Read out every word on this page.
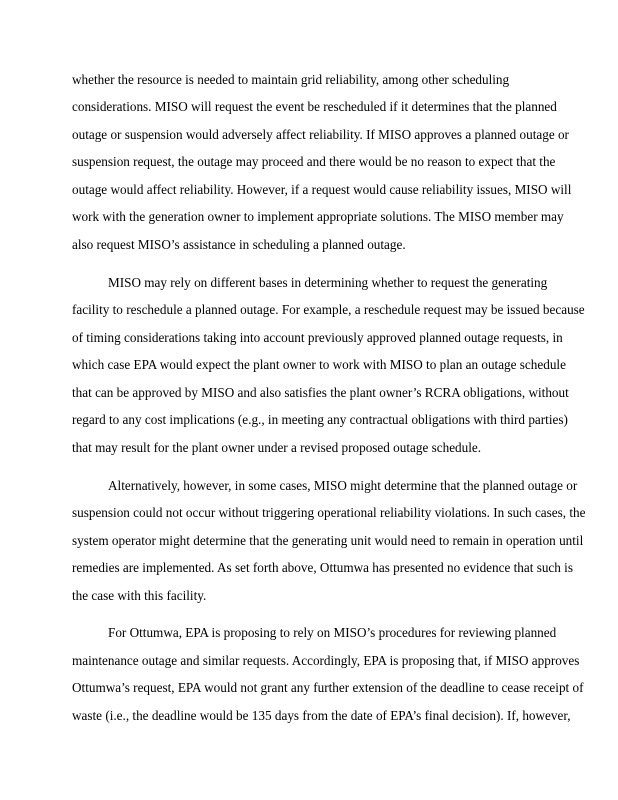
whether the resource is needed to maintain grid reliability, among other scheduling

considerations. MISO will request the event be rescheduled if it determines that the planned

outage or suspension would adversely affect reliability. If MISO approves a planned outage or

suspension request, the outage may proceed and there would be no reason to expect that the

outage would affect reliability. However, if a request would cause reliability issues, MISO will

work with the generation owner to implement appropriate solutions. The MISO member may

also request MISO’s assistance in scheduling a planned outage.

MISO may rely on different bases in determining whether to request the generating

facility to reschedule a planned outage. For example, a reschedule request may be issued because

of timing considerations taking into account previously approved planned outage requests, in

which case EPA would expect the plant owner to work with MISO to plan an outage schedule

that can be approved by MISO and also satisfies the plant owner’s RCRA obligations, without

regard to any cost implications (e.g., in meeting any contractual obligations with third parties)

that may result for the plant owner under a revised proposed outage schedule.

Alternatively, however, in some cases, MISO might determine that the planned outage or

suspension could not occur without triggering operational reliability violations. In such cases, the

system operator might determine that the generating unit would need to remain in operation until

remedies are implemented. As set forth above, Ottumwa has presented no evidence that such is

the case with this facility.

For Ottumwa, EPA is proposing to rely on MISO’s procedures for reviewing planned

maintenance outage and similar requests. Accordingly, EPA is proposing that, if MISO approves

Ottumwa’s request, EPA would not grant any further extension of the deadline to cease receipt of

waste (i.e., the deadline would be 135 days from the date of EPA’s final decision). If, however,
